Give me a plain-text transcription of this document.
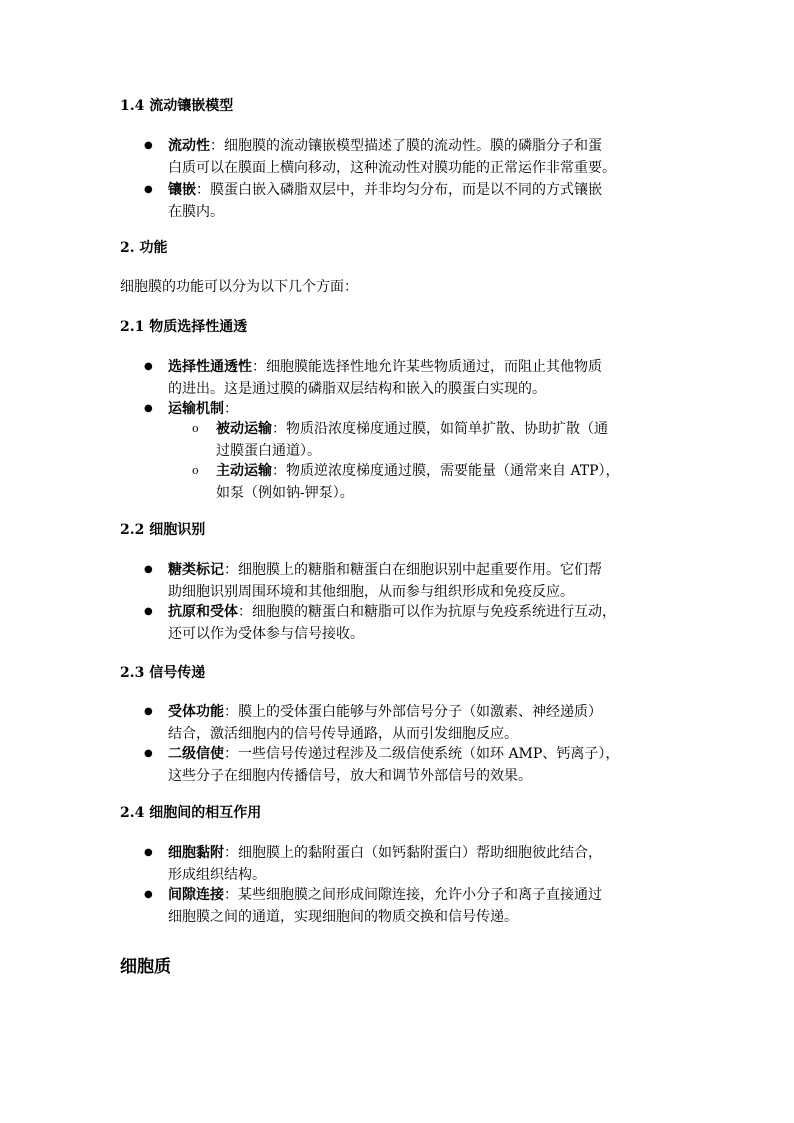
1.4 流动镶嵌模型
● 流动性：细胞膜的流动镶嵌模型描述了膜的流动性。膜的磷脂分子和蛋
白质可以在膜面上横向移动，这种流动性对膜功能的正常运作非常重要。
● 镶嵌：膜蛋白嵌入磷脂双层中，并非均匀分布，而是以不同的方式镶嵌
在膜内。
2. 功能
细胞膜的功能可以分为以下几个方面：
2.1 物质选择性通透
● 选择性通透性：细胞膜能选择性地允许某些物质通过，而阻止其他物质
的进出。这是通过膜的磷脂双层结构和嵌入的膜蛋白实现的。
● 运输机制：
o 被动运输：物质沿浓度梯度通过膜，如简单扩散、协助扩散（通
过膜蛋白通道）。
o 主动运输：物质逆浓度梯度通过膜，需要能量（通常来自 ATP），
如泵（例如钠-钾泵）。
2.2 细胞识别
● 糖类标记：细胞膜上的糖脂和糖蛋白在细胞识别中起重要作用。它们帮
助细胞识别周围环境和其他细胞，从而参与组织形成和免疫反应。
● 抗原和受体：细胞膜的糖蛋白和糖脂可以作为抗原与免疫系统进行互动，
还可以作为受体参与信号接收。
2.3 信号传递
● 受体功能：膜上的受体蛋白能够与外部信号分子（如激素、神经递质）
结合，激活细胞内的信号传导通路，从而引发细胞反应。
● 二级信使：一些信号传递过程涉及二级信使系统（如环 AMP、钙离子），
这些分子在细胞内传播信号，放大和调节外部信号的效果。
2.4 细胞间的相互作用
● 细胞黏附：细胞膜上的黏附蛋白（如钙黏附蛋白）帮助细胞彼此结合，
形成组织结构。
● 间隙连接：某些细胞膜之间形成间隙连接，允许小分子和离子直接通过
细胞膜之间的通道，实现细胞间的物质交换和信号传递。
细胞质
